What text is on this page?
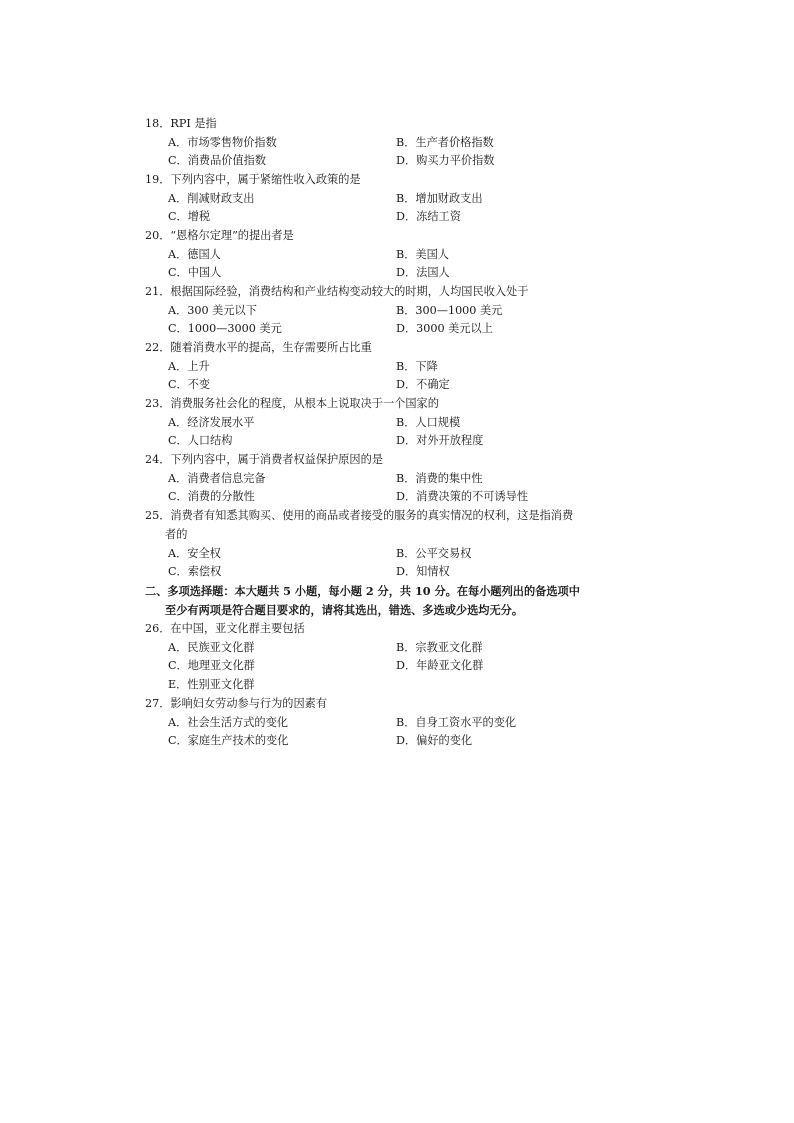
18．RPI 是指
A．市场零售物价指数	B．生产者价格指数
C．消费品价值指数	D．购买力平价指数
19．下列内容中，属于紧缩性收入政策的是
A．削减财政支出	B．增加财政支出
C．增税	D．冻结工资
20．“恩格尔定理”的提出者是
A．德国人	B．美国人
C．中国人	D．法国人
21．根据国际经验，消费结构和产业结构变动较大的时期，人均国民收入处于
A．300 美元以下	B．300—1000 美元
C．1000—3000 美元	D．3000 美元以上
22．随着消费水平的提高，生存需要所占比重
A．上升	B．下降
C．不变	D．不确定
23．消费服务社会化的程度，从根本上说取决于一个国家的
A．经济发展水平	B．人口规模
C．人口结构	D．对外开放程度
24．下列内容中，属于消费者权益保护原因的是
A．消费者信息完备	B．消费的集中性
C．消费的分散性	D．消费决策的不可诱导性
25．消费者有知悉其购买、使用的商品或者接受的服务的真实情况的权利，这是指消费
者的
A．安全权	B．公平交易权
C．索偿权	D．知情权
二、多项选择题：本大题共 5 小题，每小题 2 分，共 10 分。在每小题列出的备选项中
至少有两项是符合题目要求的，请将其选出，错选、多选或少选均无分。
26．在中国，亚文化群主要包括
A．民族亚文化群	B．宗教亚文化群
C．地理亚文化群	D．年龄亚文化群
E．性别亚文化群
27．影响妇女劳动参与行为的因素有
A．社会生活方式的变化	B．自身工资水平的变化
C．家庭生产技术的变化	D．偏好的变化
